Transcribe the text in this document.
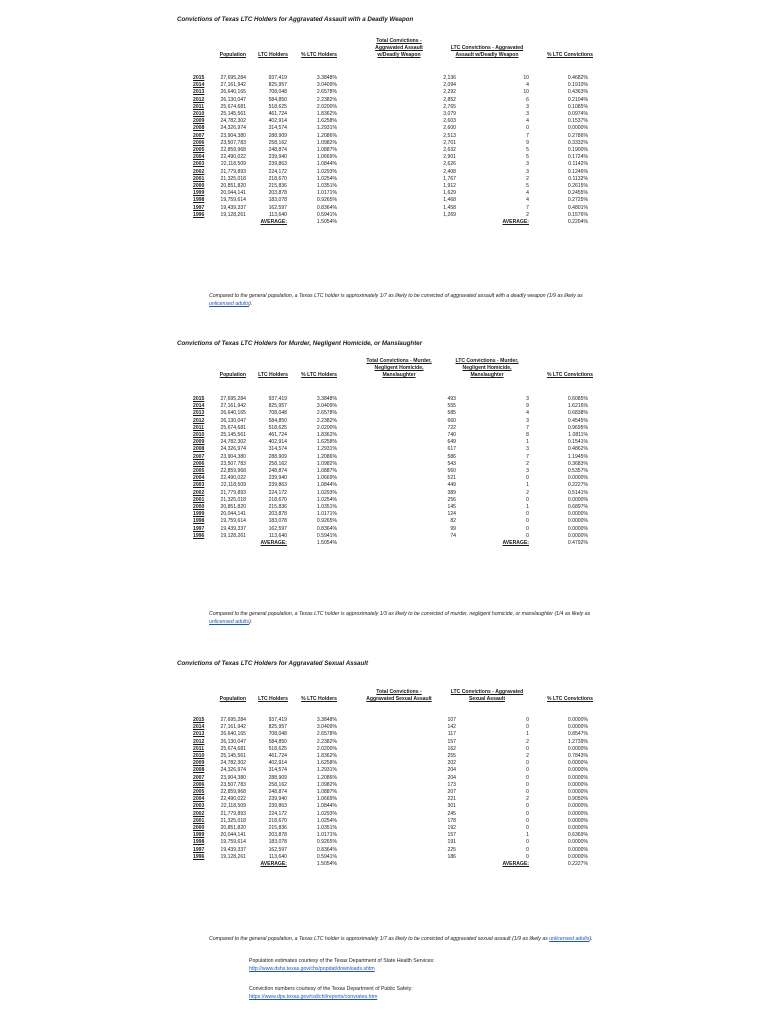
Convictions of Texas LTC Holders for Aggravated Assault with a Deadly Weapon
Population LTC Holders	% LTC Holders	% LTC Convictions
Total Convictions -
Aggravated Assault
w/Deadly Weapon
LTC Convictions - Aggravated
Assault w/Deadly Weapon
2015	27,695,284	937,419	3.3848%	2,136	10	0.4682%
2014	27,161,942	825,957	3.0409%	2,094	4	0.1910%
2013	26,640,165	708,048	2.6578%	2,292	10	0.4363%
2012	26,130,047	584,850	2.2382%	2,852	6	0.2104%
2011	25,674,681	518,625	2.0200%	2,765	3	0.1085%
2010	25,145,561	461,724	1.8362%	3,079	3	0.0974%
2009	24,782,302	402,914	1.6258%	2,603	4	0.1537%
2008	24,326,974	314,574	1.2931%	2,600	0	0.0000%
2007	23,904,380	288,909	1.2086%	2,513	7	0.2786%
2006	23,507,783	258,162	1.0982%	2,701	9	0.3332%
2005	22,859,968	248,874	1.0887%	2,632	5	0.1900%
2004	22,490,022	239,940	1.0669%	2,901	5	0.1724%
2003	22,118,509	239,863	1.0844%	2,626	3	0.1142%
2002	21,779,893	224,172	1.0293%	2,408	3	0.1246%
2001	21,325,018	218,670	1.0254%	1,767	2	0.1132%
2000	20,851,820	215,836	1.0351%	1,912	5	0.2615%
1999	20,044,141	203,878	1.0171%	1,629	4	0.2455%
1998	19,759,614	183,078	0.9265%	1,468	4	0.2725%
1997	19,439,337	162,597	0.8364%	1,458	7	0.4801%
1996	19,128,261	113,640	0.5941%	1,269	2	0.1576%
AVERAGE:	1.5054%	AVERAGE:	0.2204%
Compared to the general population, a Texas LTC holder is approximately 1/7 as likely to be convicted of aggravated assault with a deadly weapon (1/9 as likely as unlicensed adults).
Convictions of Texas LTC Holders for Murder, Negligent Homicide, or Manslaughter
Population LTC Holders	% LTC Holders	% LTC Convictions
Total Convictions - Murder,
Negligent Homicide,
Manslaughter
LTC Convictions - Murder,
Negligent Homicide,
Manslaughter
2015	27,695,284	937,419	3.3848%	493	3	0.6085%
2014	27,161,942	825,957	3.0409%	555	9	1.6216%
2013	26,640,165	708,048	2.6578%	585	4	0.6838%
2012	26,130,047	584,850	2.2382%	660	3	0.4545%
2011	25,674,681	518,625	2.0200%	722	7	0.9695%
2010	25,145,561	461,724	1.8362%	740	8	1.0811%
2009	24,782,302	402,914	1.6258%	649	1	0.1541%
2008	24,326,974	314,574	1.2931%	617	3	0.4862%
2007	23,904,380	288,909	1.2086%	586	7	1.1945%
2006	23,507,783	258,162	1.0982%	543	2	0.3683%
2005	22,859,968	248,874	1.0887%	560	3	0.5357%
2004	22,490,022	239,940	1.0669%	521	0	0.0000%
2003	22,118,509	239,863	1.0844%	449	1	0.2227%
2002	21,779,893	224,172	1.0293%	389	2	0.5141%
2001	21,325,018	218,670	1.0254%	256	0	0.0000%
2000	20,851,820	215,836	1.0351%	145	1	0.6897%
1999	20,044,141	203,878	1.0171%	124	0	0.0000%
1998	19,759,614	183,078	0.9265%	82	0	0.0000%
1997	19,439,337	162,597	0.8364%	99	0	0.0000%
1996	19,128,261	113,640	0.5941%	74	0	0.0000%
AVERAGE:	1.5054%	AVERAGE:	0.4792%
Compared to the general population, a Texas LTC holder is approximately 1/3 as likely to be convicted of murder, negligent homicide, or manslaughter (1/4 as likely as unlicensed adults).
Convictions of Texas LTC Holders for Aggravated Sexual Assault
Population LTC Holders	% LTC Holders	% LTC Convictions
Total Convictions -
Aggravated Sexual Assault
LTC Convictions - Aggravated
Sexual Assault
2015	27,695,284	937,419	3.3848%	107	0	0.0000%
2014	27,161,942	825,957	3.0409%	142	0	0.0000%
2013	26,640,165	708,048	2.6578%	117	1	0.8547%
2012	26,130,047	584,850	2.2382%	157	2	1.2739%
2011	25,674,681	518,625	2.0200%	162	0	0.0000%
2010	25,145,561	461,724	1.8362%	255	2	0.7843%
2009	24,782,302	402,914	1.6258%	202	0	0.0000%
2008	24,326,974	314,574	1.2931%	204	0	0.0000%
2007	23,904,380	288,909	1.2086%	204	0	0.0000%
2006	23,507,783	258,162	1.0982%	173	0	0.0000%
2005	22,859,968	248,874	1.0887%	207	0	0.0000%
2004	22,490,022	239,940	1.0669%	221	2	0.9050%
2003	22,118,509	239,863	1.0844%	301	0	0.0000%
2002	21,779,893	224,172	1.0293%	245	0	0.0000%
2001	21,325,018	218,670	1.0254%	178	0	0.0000%
2000	20,851,820	215,836	1.0351%	192	0	0.0000%
1999	20,044,141	203,878	1.0171%	157	1	0.6369%
1998	19,759,614	183,078	0.9265%	191	0	0.0000%
1997	19,439,337	162,597	0.8364%	225	0	0.0000%
1996	19,128,261	113,640	0.5941%	186	0	0.0000%
AVERAGE:	1.5054%	AVERAGE:	0.2227%
Compared to the general population, a Texas LTC holder is approximately 1/7 as likely to be convicted of aggravated sexual assault (1/9 as likely as unlicensed adults).
Population estimates courtesy of the Texas Department of State Health Services:
http://www.dshs.texas.gov/chs/popdat/downloads.shtm
Conviction numbers courtesy of the Texas Department of Public Safety:
https://www.dps.texas.gov/rsd/chl/reports/convrates.htm
